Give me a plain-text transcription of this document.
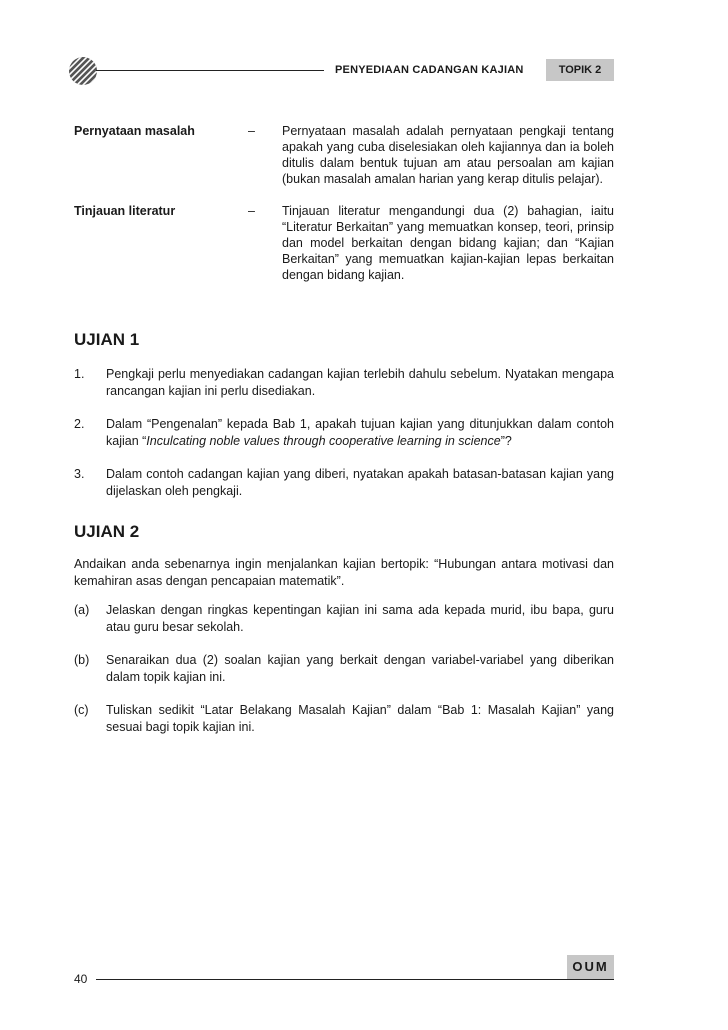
PENYEDIAAN CADANGAN KAJIAN	TOPIK 2
Pernyataan masalah	–	Pernyataan masalah adalah pernyataan pengkaji tentang apakah yang cuba diselesiakan oleh kajiannya dan ia boleh ditulis dalam bentuk tujuan am atau persoalan am kajian (bukan masalah amalan harian yang kerap ditulis pelajar).
Tinjauan literatur	–	Tinjauan literatur mengandungi dua (2) bahagian, iaitu “Literatur Berkaitan” yang memuatkan konsep, teori, prinsip dan model berkaitan dengan bidang kajian; dan “Kajian Berkaitan” yang memuatkan kajian-kajian lepas berkaitan dengan bidang kajian.
UJIAN 1
1.	Pengkaji perlu menyediakan cadangan kajian terlebih dahulu sebelum. Nyatakan mengapa rancangan kajian ini perlu disediakan.
2.	Dalam “Pengenalan” kepada Bab 1, apakah tujuan kajian yang ditunjukkan dalam contoh kajian “Inculcating noble values through cooperative learning in science”?
3.	Dalam contoh cadangan kajian yang diberi, nyatakan apakah batasan-batasan kajian yang dijelaskan oleh pengkaji.
UJIAN 2
Andaikan anda sebenarnya ingin menjalankan kajian bertopik: “Hubungan antara motivasi dan kemahiran asas dengan pencapaian matematik”.
(a)	Jelaskan dengan ringkas kepentingan kajian ini sama ada kepada murid, ibu bapa, guru atau guru besar sekolah.
(b)	Senaraikan dua (2) soalan kajian yang berkait dengan variabel-variabel yang diberikan dalam topik kajian ini.
(c)	Tuliskan sedikit “Latar Belakang Masalah Kajian” dalam “Bab 1: Masalah Kajian” yang sesuai bagi topik kajian ini.
OUM
40
